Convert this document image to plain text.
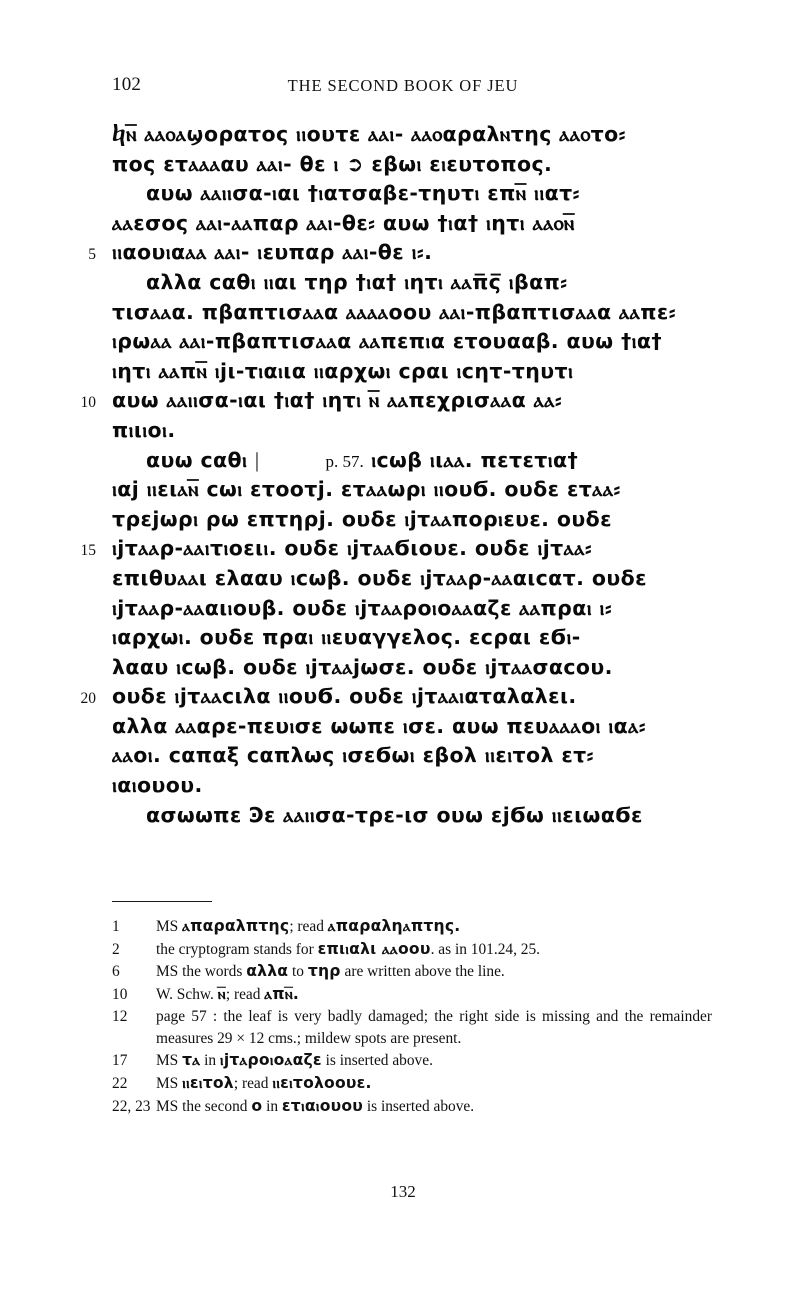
102	THE SECOND BOOK OF JEU
ⴉⲛ̅ ⲁⲁⲟⲁϣορατος ⲓⲓουτε ⲁⲁⲓ- ⲁⲁⲟαραλⲛτης ⲁⲁⲟτο⸗
πος ετⲁⲁⲁαυ ⲁⲁⲓ- θε ⲓ ➲ εβωⲓ εⲓευτοπος.
αυω ⲁⲁⲓⲓσα-ⲓαι †ⲓατσαβε-τηυτⲓ επⲛ̅ ⲓⲓατ⸗
ⲁⲁεσος ⲁⲁⲓ-ⲁⲁπαρ ⲁⲁⲓ-θε⸗ αυω †ⲓα† ⲓητⲓ ⲁⲁⲟⲛ̅
5 ⲓⲓαουⲓαⲁⲁ ⲁⲁⲓ- ⲓευπαρ ⲁⲁⲓ-θε ⲓ⸗.
αλλα ϲαθⲓ ⲓⲓαι τηρ †ⲓα† ⲓητⲓ ⲁⲁπ̅ς̅ ⲓβαπ⸗
τισⲁⲁα. πβαπτισⲁⲁα ⲁⲁⲁⲁοου ⲁⲁⲓ-πβαπτισⲁⲁα ⲁⲁπε⸗
ⲓρωⲁⲁ ⲁⲁⲓ-πβαπτισⲁⲁα ⲁⲁπεπⲓα ετουααβ. αυω †ⲓα†
ⲓητⲓ ⲁⲁπⲛ̅ ⲓϳι-τⲓαⲓια ⲓⲓαρχωⲓ ϲραι ⲓϲητ-τηυτⲓ
10 αυω ⲁⲁⲓⲓσα-ⲓαι †ⲓα† ⲓητⲓ ⲛ̅ ⲁⲁπεχρισⲁⲁα ⲁⲁ⸗
πⲓιⲓοⲓ.
αυω ϲαθⲓ |	p. 57. ⲓϲωβ ⲓιⲁⲁ. πετετⲓα†
ⲓαϳ ⲓⲓειⲁⲛ̅ ϲωⲓ ετοοτϳ. ετⲁⲁωρⲓ ⲓⲓουϬ. ουδε ετⲁⲁ⸗
τρεϳωρⲓ ρω επτηρϳ. ουδε ⲓϳτⲁⲁπορⲓευε. ουδε
15 ⲓϳτⲁⲁρ-ⲁⲁⲓτⲓοειⲓ. ουδε ⲓϳτⲁⲁϬιουε. ουδε ⲓϳτⲁⲁ⸗
επιθυⲁⲁι ελααυ ⲓϲωβ. ουδε ⲓϳτⲁⲁρ-ⲁⲁαιϲατ. ουδε
ⲓϳτⲁⲁρ-ⲁⲁαιⲓουβ. ουδε ⲓϳτⲁⲁροⲓοⲁⲁαζε ⲁⲁπραⲓ ⲓ⸗
ⲓαρχωⲓ. ουδε πραⲓ ⲓⲓευαγγελος. εϲραι εϬⲓ-
λααυ ⲓϲωβ. ουδε ⲓϳτⲁⲁϳωσε. ουδε ⲓϳτⲁⲁσαϲου.
20 ουδε ⲓϳτⲁⲁϲιλα ⲓⲓουϬ. ουδε ⲓϳτⲁⲁⲓαταλαλει.
αλλα ⲁⲁαρε-πευⲓσε ωωπε ⲓσε. αυω πευⲁⲁⲁοⲓ ⲓαⲁ⸗
ⲁⲁοⲓ. ϲαπαξ ϲαπλως ⲓσεϬωⲓ εβολ ⲓⲓεⲓτολ ετ⸗
ⲓαⲓουου.
ασωωπε Ͽε ⲁⲁⲓⲓσα-τρε-ισ ουω εϳϬω ⲓⲓειωαϬε
1	MS ⲁπαραλπτης; read ⲁπαραληⲁπτης.

2	the cryptogram stands for επιⲓαλι ⲁⲁοου. as in 101.24, 25.

6	MS the words αλλα to τηρ are written above the line.

10	W. Schw. ⲛ̅; read ⲁπⲛ̅.

12	page 57 : the leaf is very badly damaged; the right side is missing and the remainder measures 29 × 12 cms.; mildew spots are present.

17	MS τⲁ in ⲓϳτⲁροⲓοⲁαζε is inserted above.

22	MS ⲓⲓεⲓτολ; read ⲓⲓεⲓτολοουε.

22, 23 MS the second ο in ετⲓαⲓουου is inserted above.

132
